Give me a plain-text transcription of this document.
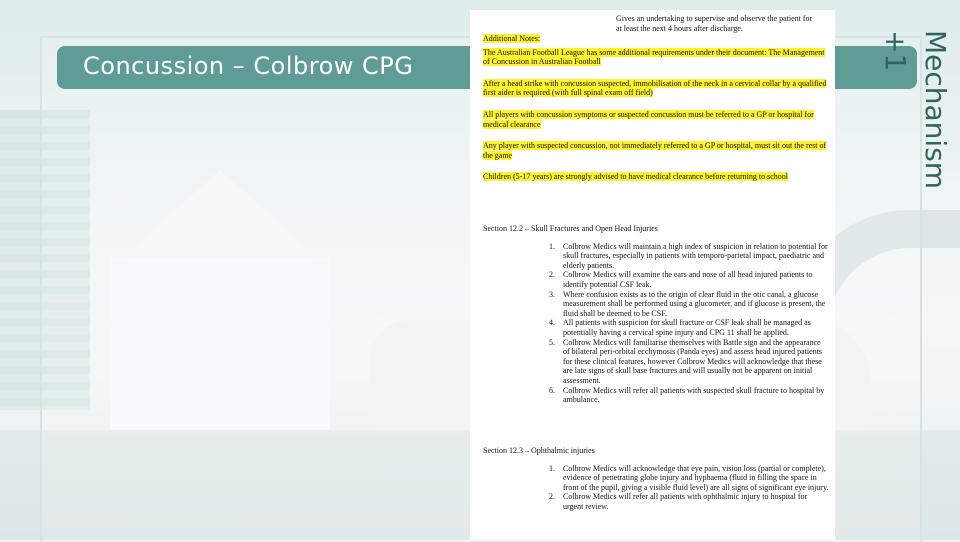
Concussion – Colbrow CPG	Mechanism +1
Gives an undertaking to supervise and observe the patient for at least the next 4 hours after discharge.

Additional Notes:

The Australian Football League has some additional requirements under their document: The Management of Concussion in Australian Football

After a head strike with concussion suspected, immobilisation of the neck in a cervical collar by a qualified first aider is required (with full spinal exam off field)

All players with concussion symptoms or suspected concussion must be referred to a GP or hospital for medical clearance

Any player with suspected concussion, not immediately referred to a GP or hospital, must sit out the rest of the game

Children (5-17 years) are strongly advised to have medical clearance before returning to school

Section 12.2 – Skull Fractures and Open Head Injuries
1.	Colbrow Medics will maintain a high index of suspicion in relation to potential for skull fractures, especially in patients with temporo-parietal impact, paediatric and elderly patients.
2.	Colbrow Medics will examine the ears and nose of all head injured patients to identify potential CSF leak.
3.	Where confusion exists as to the origin of clear fluid in the otic canal, a glucose measurement shall be performed using a glucometer, and if glucose is present, the fluid shall be deemed to be CSF.
4.	All patients with suspicion for skull fracture or CSF leak shall be managed as potentially having a cervical spine injury and CPG 11 shall be applied.
5.	Colbrow Medics will familiarise themselves with Battle sign and the appearance of bilateral peri-orbital ecchymosis (Panda eyes) and assess head injured patients for these clinical features, however Colbrow Medics will acknowledge that these are late signs of skull base fractures and will usually not be apparent on initial assessment.
6.	Colbrow Medics will refer all patients with suspected skull fracture to hospital by ambulance.
Section 12.3 – Ophthalmic injuries
1.	Colbrow Medics will acknowledge that eye pain, vision loss (partial or complete), evidence of penetrating globe injury and hyphaema (fluid in filling the space in front of the pupil, giving a visible fluid level) are all signs of significant eye injury.
2.	Colbrow Medics will refer all patients with ophthalmic injury to hospital for urgent review.
